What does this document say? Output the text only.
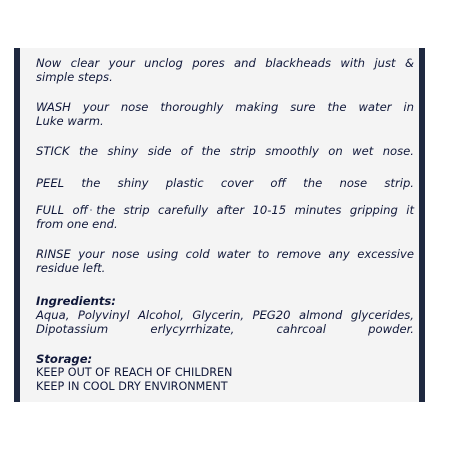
Now clear your unclog pores and blackheads with just &
simple steps.
WASH your nose thoroughly making sure the water in
Luke warm.
STICK the shiny side of the strip smoothly on wet nose.
PEEL the shiny plastic cover off the nose strip.
FULL off the strip carefully after 10-15 minutes gripping it
from one end.
RINSE your nose using cold water to remove any excessive
residue left.
Ingredients:
Aqua, Polyvinyl Alcohol, Glycerin, PEG20 almond glycerides,
Dipotassium erlycyrrhizate, cahrcoal powder.
Storage:
KEEP OUT OF REACH OF CHILDREN
KEEP IN COOL DRY ENVIRONMENT
